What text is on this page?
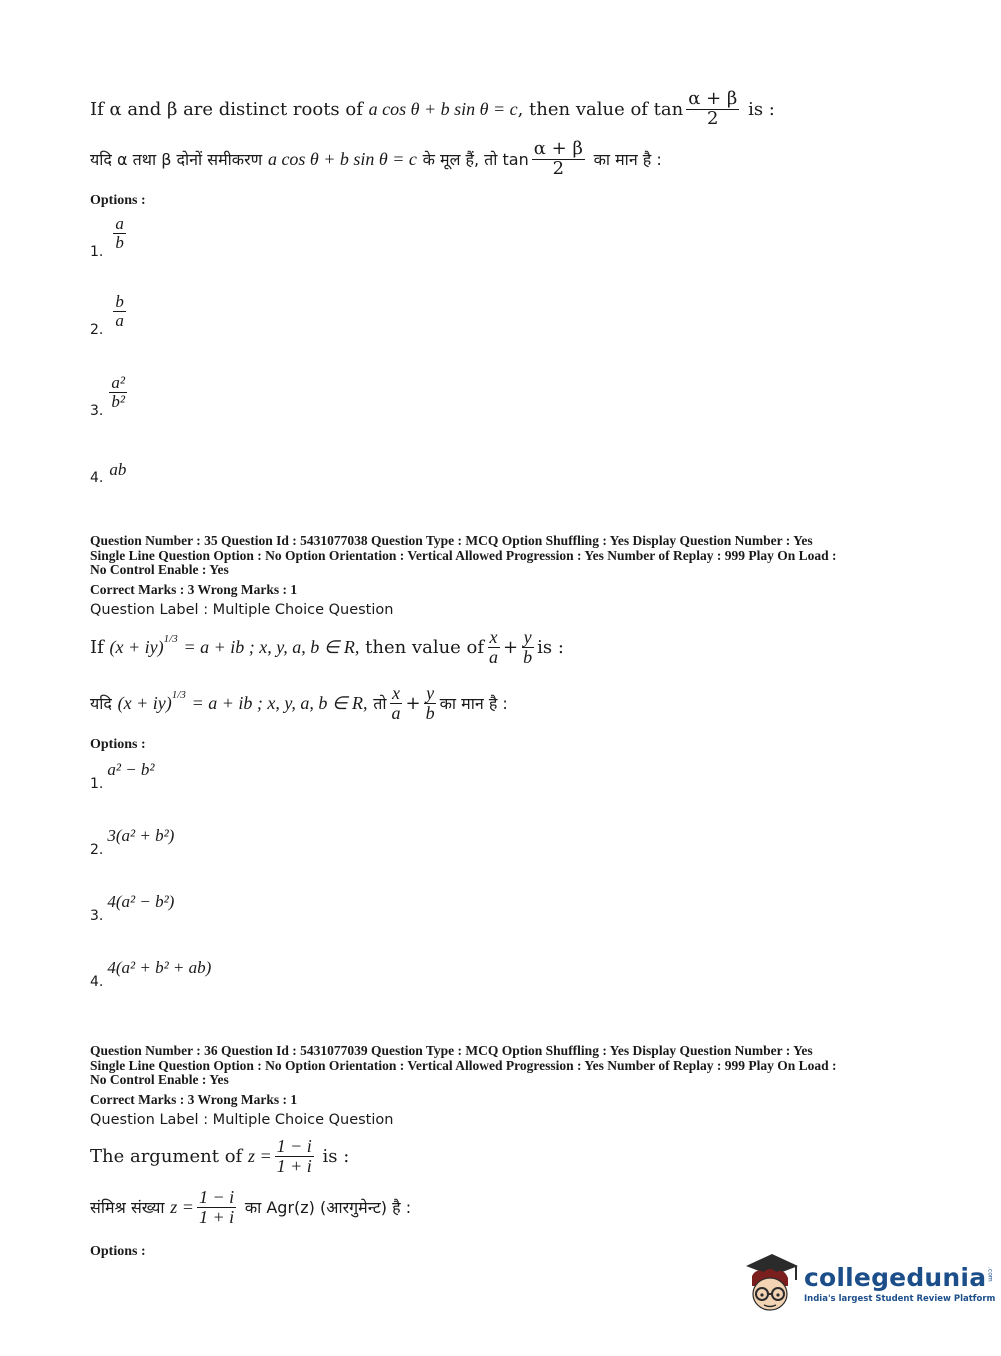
If α and β are distinct roots of
a cos θ + b sin θ = c , then value of $\tan \frac{\alpha + \beta}{2}$
is :
यदि α तथा β दोनों समीकरण
a cos θ + b sin θ = c
के मूल हैं, तो $\tan \frac{\alpha + \beta}{2}$
का मान है :
Options :
1. $\frac{a}{b}$
2. $\frac{b}{a}$
3. $\frac{\text{a²}}{\text{b²}}$
4. ab
Question Number : 35 Question Id : 5431077038 Question Type : MCQ Option Shuffling : Yes Display Question Number : Yes
Single Line Question Option : No Option Orientation : Vertical Allowed Progression : Yes Number of Replay : 999 Play On Load :
No Control Enable : Yes
Correct Marks : 3 Wrong Marks : 1
Question Label : Multiple Choice Question
If
(x + iy)$^{1/3}$
= a + ib ; x, y, a, b ∈ R,
then value of $\frac{x}{a} + \frac{y}{b}$ is :
यदि
(x + iy)$^{1/3}$
= a + ib ; x, y, a, b ∈ R,
तो $\frac{x}{a} + \frac{y}{b}$ का मान है :
Options :
1.
a² − b²
2.
3(a² + b²)
3.
4(a² − b²)
4.
4(a² + b² + ab)
Question Number : 36 Question Id : 5431077039 Question Type : MCQ Option Shuffling : Yes Display Question Number : Yes
Single Line Question Option : No Option Orientation : Vertical Allowed Progression : Yes Number of Replay : 999 Play On Load :
No Control Enable : Yes
Correct Marks : 3 Wrong Marks : 1
Question Label : Multiple Choice Question
The argument of
$z = \frac{1 - i}{1 + i}$
is :
संमिश्र संख्या
$z = \frac{1 - i}{1 + i}$
का Agr(z) (आरगुमेन्ट) है :
Options :
collegedunia .com
India's largest Student Review Platform
